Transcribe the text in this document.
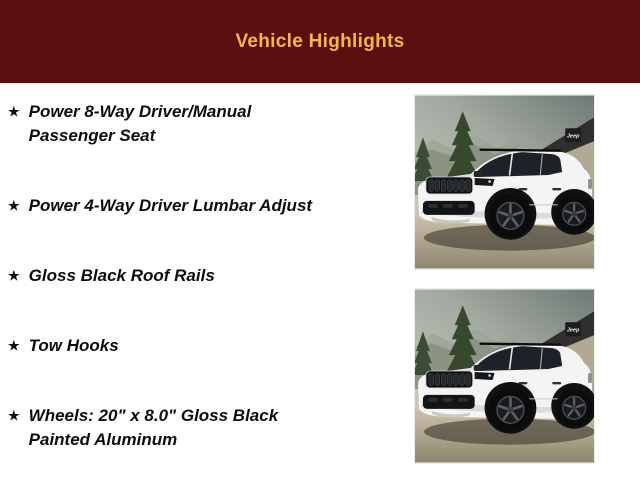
Vehicle Highlights
★ Power 8-Way Driver/Manual Passenger Seat
★ Power 4-Way Driver Lumbar Adjust
★ Gloss Black Roof Rails
★ Tow Hooks
★ Wheels: 20" x 8.0" Gloss Black Painted Aluminum
